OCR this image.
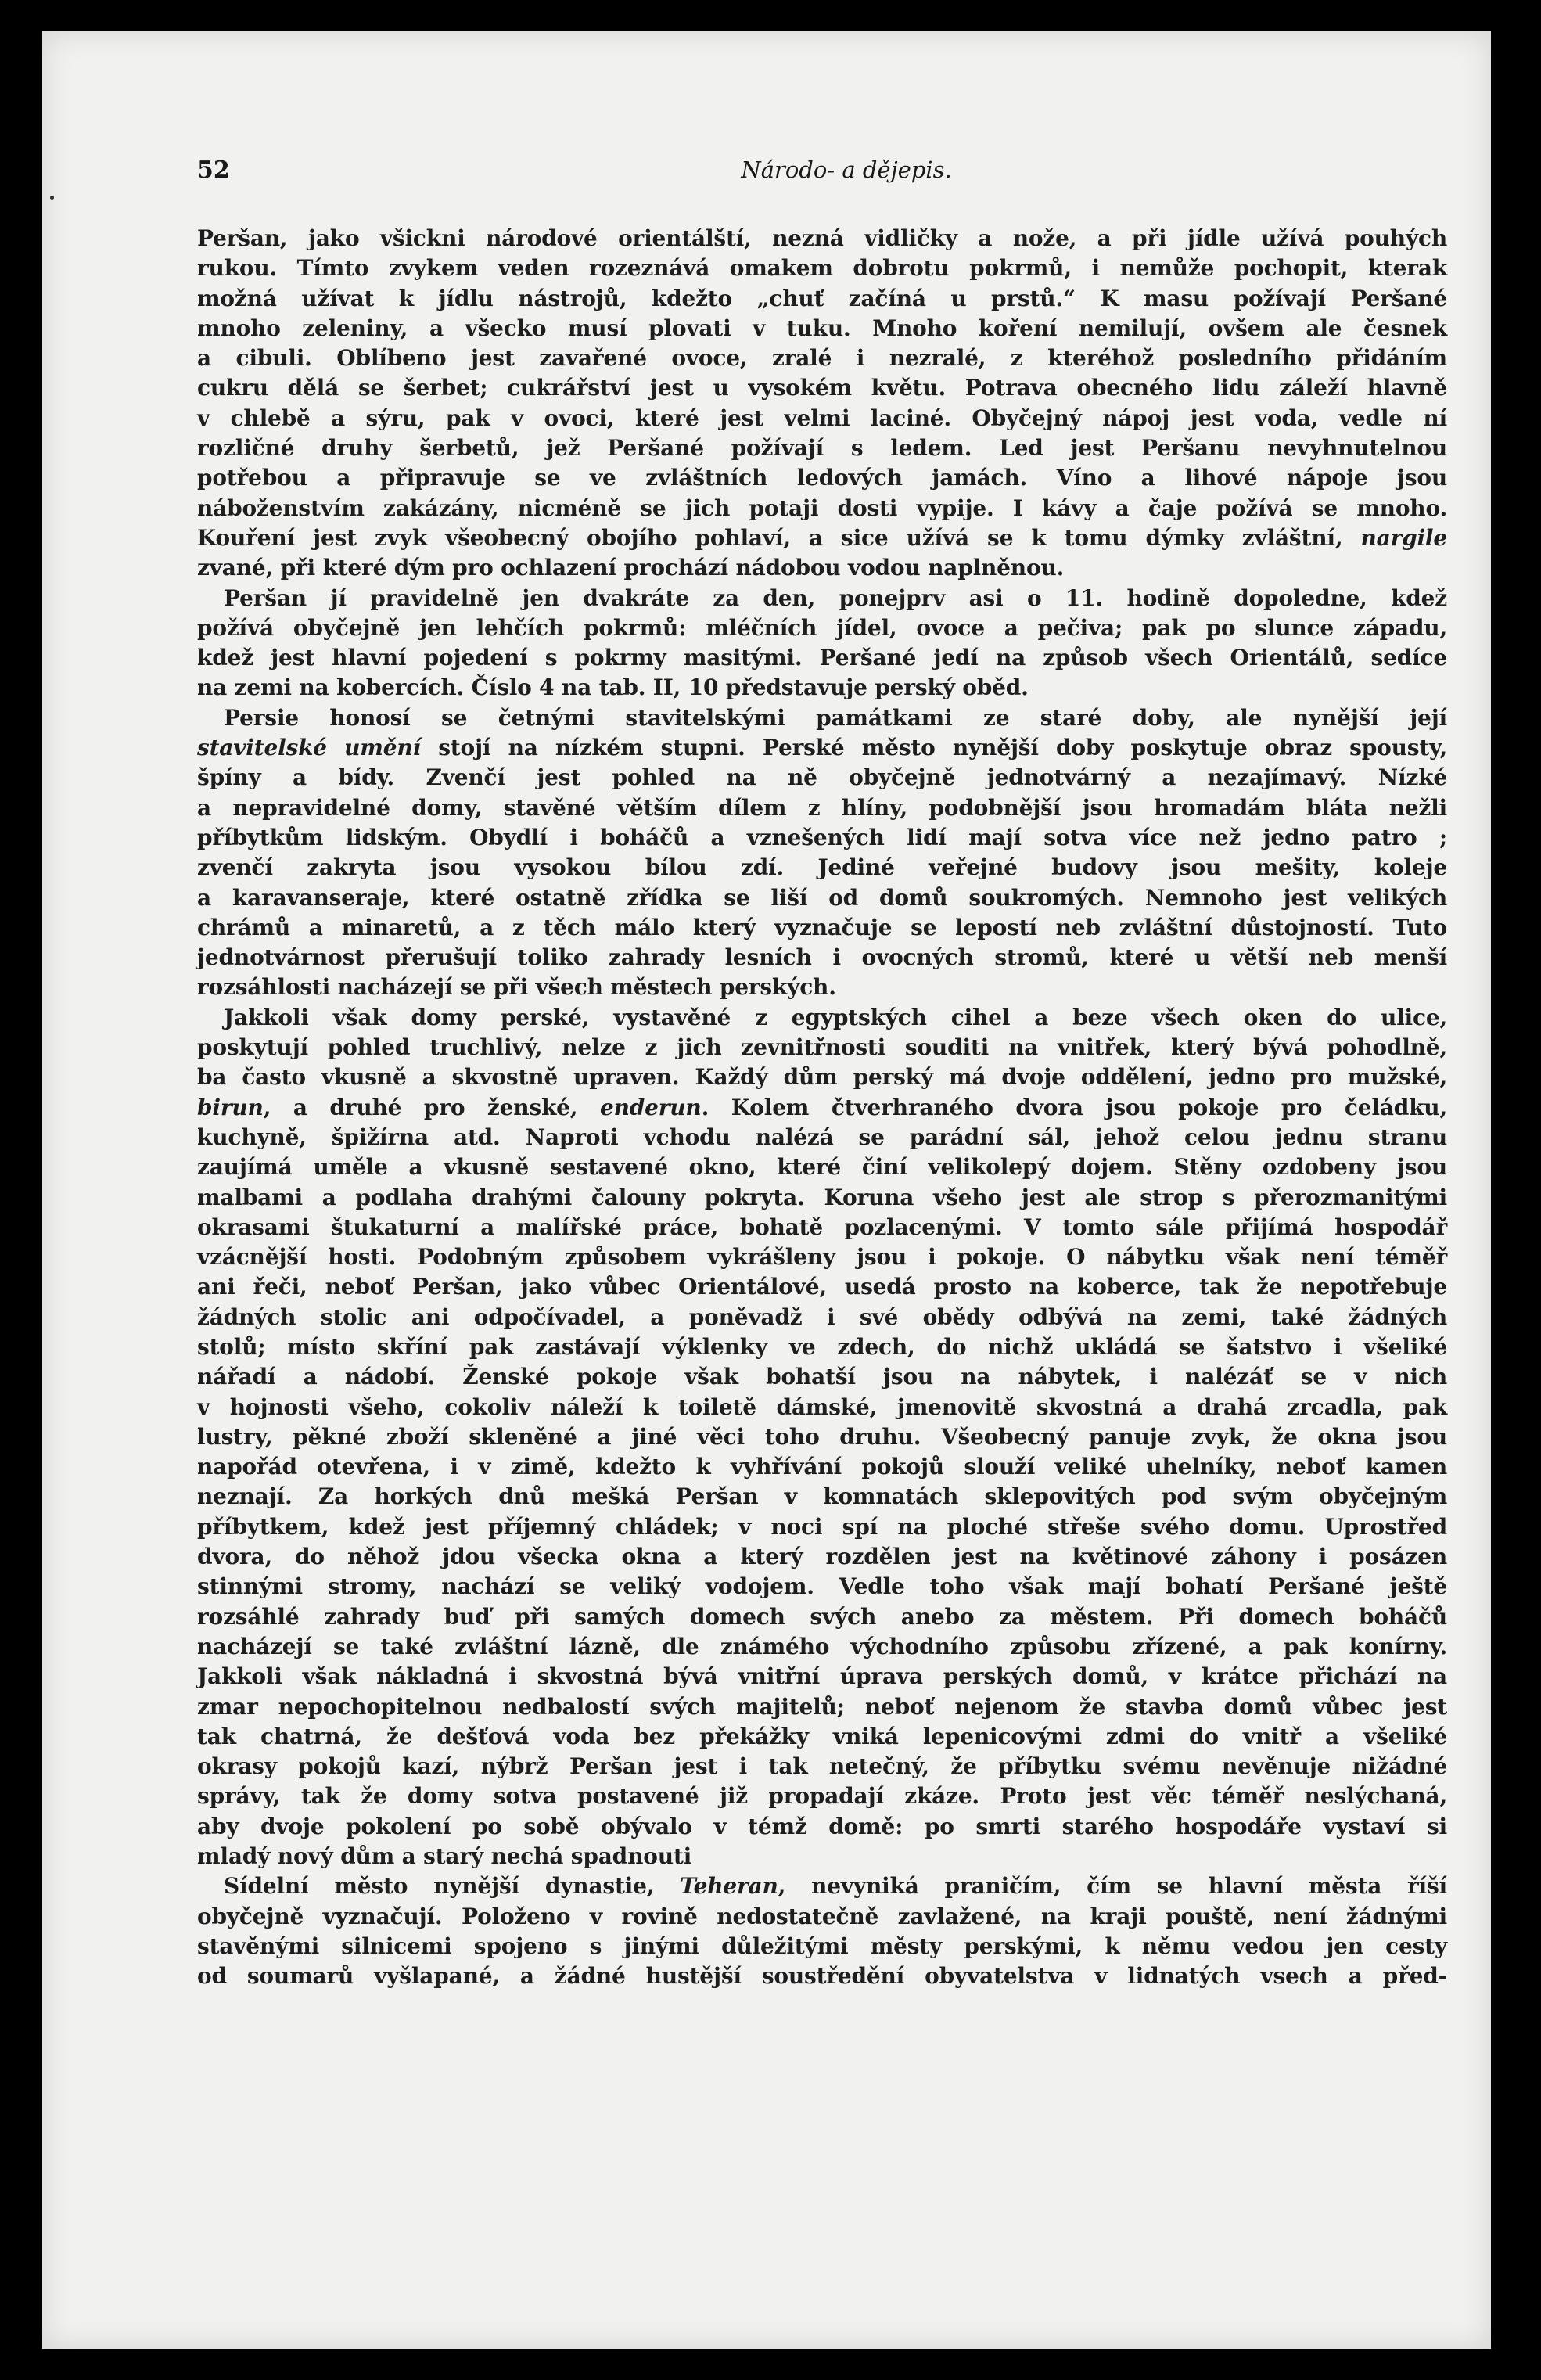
52	Národo- a dějepis.
Peršan, jako všickni národové orientálští, nezná vidličky a nože, a při jídle užívá pouhých
rukou. Tímto zvykem veden rozeznává omakem dobrotu pokrmů, i nemůže pochopit, kterak
možná užívat k jídlu nástrojů, kdežto „chuť začíná u prstů.“ K masu požívají Peršané
mnoho zeleniny, a všecko musí plovati v tuku. Mnoho koření nemilují, ovšem ale česnek
a cibuli. Oblíbeno jest zavařené ovoce, zralé i nezralé, z kteréhož posledního přidáním
cukru dělá se šerbet; cukrářství jest u vysokém květu. Potrava obecného lidu záleží hlavně
v chlebě a sýru, pak v ovoci, které jest velmi laciné. Obyčejný nápoj jest voda, vedle ní
rozličné druhy šerbetů, jež Peršané požívají s ledem. Led jest Peršanu nevyhnutelnou
potřebou a připravuje se ve zvláštních ledových jamách. Víno a lihové nápoje jsou
náboženstvím zakázány, nicméně se jich potaji dosti vypije. I kávy a čaje požívá se mnoho.
Kouření jest zvyk všeobecný obojího pohlaví, a sice užívá se k tomu dýmky zvláštní, nargile
zvané, při které dým pro ochlazení prochází nádobou vodou naplněnou.
Peršan jí pravidelně jen dvakráte za den, ponejprv asi o 11. hodině dopoledne, kdež
požívá obyčejně jen lehčích pokrmů: mléčních jídel, ovoce a pečiva; pak po slunce západu,
kdež jest hlavní pojedení s pokrmy masitými. Peršané jedí na způsob všech Orientálů, sedíce
na zemi na kobercích. Číslo 4 na tab. II, 10 představuje perský oběd.
Persie honosí se četnými stavitelskými památkami ze staré doby, ale nynější její
stavitelské umění stojí na nízkém stupni. Perské město nynější doby poskytuje obraz spousty,
špíny a bídy. Zvenčí jest pohled na ně obyčejně jednotvárný a nezajímavý. Nízké
a nepravidelné domy, stavěné větším dílem z hlíny, podobnější jsou hromadám bláta nežli
příbytkům lidským. Obydlí i boháčů a vznešených lidí mají sotva více než jedno patro ;
zvenčí zakryta jsou vysokou bílou zdí. Jediné veřejné budovy jsou mešity, koleje
a karavanseraje, které ostatně zřídka se liší od domů soukromých. Nemnoho jest velikých
chrámů a minaretů, a z těch málo který vyznačuje se lepostí neb zvláštní důstojností. Tuto
jednotvárnost přerušují toliko zahrady lesních i ovocných stromů, které u větší neb menší
rozsáhlosti nacházejí se při všech městech perských.
Jakkoli však domy perské, vystavěné z egyptských cihel a beze všech oken do ulice,
poskytují pohled truchlivý, nelze z jich zevnitřnosti souditi na vnitřek, který bývá pohodlně,
ba často vkusně a skvostně upraven. Každý dům perský má dvoje oddělení, jedno pro mužské,
birun, a druhé pro ženské, enderun. Kolem čtverhraného dvora jsou pokoje pro čeládku,
kuchyně, špižírna atd. Naproti vchodu nalézá se parádní sál, jehož celou jednu stranu
zaujímá uměle a vkusně sestavené okno, které činí velikolepý dojem. Stěny ozdobeny jsou
malbami a podlaha drahými čalouny pokryta. Koruna všeho jest ale strop s přerozmanitými
okrasami štukaturní a malířské práce, bohatě pozlacenými. V tomto sále přijímá hospodář
vzácnější hosti. Podobným způsobem vykrášleny jsou i pokoje. O nábytku však není téměř
ani řeči, neboť Peršan, jako vůbec Orientálové, usedá prosto na koberce, tak že nepotřebuje
žádných stolic ani odpočívadel, a poněvadž i své obědy odbývá na zemi, také žádných
stolů; místo skříní pak zastávají výklenky ve zdech, do nichž ukládá se šatstvo i všeliké
nářadí a nádobí. Ženské pokoje však bohatší jsou na nábytek, i nalézáť se v nich
v hojnosti všeho, cokoliv náleží k toiletě dámské, jmenovitě skvostná a drahá zrcadla, pak
lustry, pěkné zboží skleněné a jiné věci toho druhu. Všeobecný panuje zvyk, že okna jsou
napořád otevřena, i v zimě, kdežto k vyhřívání pokojů slouží veliké uhelníky, neboť kamen
neznají. Za horkých dnů mešká Peršan v komnatách sklepovitých pod svým obyčejným
příbytkem, kdež jest příjemný chládek; v noci spí na ploché střeše svého domu. Uprostřed
dvora, do něhož jdou všecka okna a který rozdělen jest na květinové záhony i posázen
stinnými stromy, nachází se veliký vodojem. Vedle toho však mají bohatí Peršané ještě
rozsáhlé zahrady buď při samých domech svých anebo za městem. Při domech boháčů
nacházejí se také zvláštní lázně, dle známého východního způsobu zřízené, a pak konírny.
Jakkoli však nákladná i skvostná bývá vnitřní úprava perských domů, v krátce přichází na
zmar nepochopitelnou nedbalostí svých majitelů; neboť nejenom že stavba domů vůbec jest
tak chatrná, že dešťová voda bez překážky vniká lepenicovými zdmi do vnitř a všeliké
okrasy pokojů kazí, nýbrž Peršan jest i tak netečný, že příbytku svému nevěnuje nižádné
správy, tak že domy sotva postavené již propadají zkáze. Proto jest věc téměř neslýchaná,
aby dvoje pokolení po sobě obývalo v témž domě: po smrti starého hospodáře vystaví si
mladý nový dům a starý nechá spadnouti
Sídelní město nynější dynastie, Teheran, nevyniká praničím, čím se hlavní města říší
obyčejně vyznačují. Položeno v rovině nedostatečně zavlažené, na kraji pouště, není žádnými
stavěnými silnicemi spojeno s jinými důležitými městy perskými, k němu vedou jen cesty
od soumarů vyšlapané, a žádné hustější soustředění obyvatelstva v lidnatých vsech a před-
